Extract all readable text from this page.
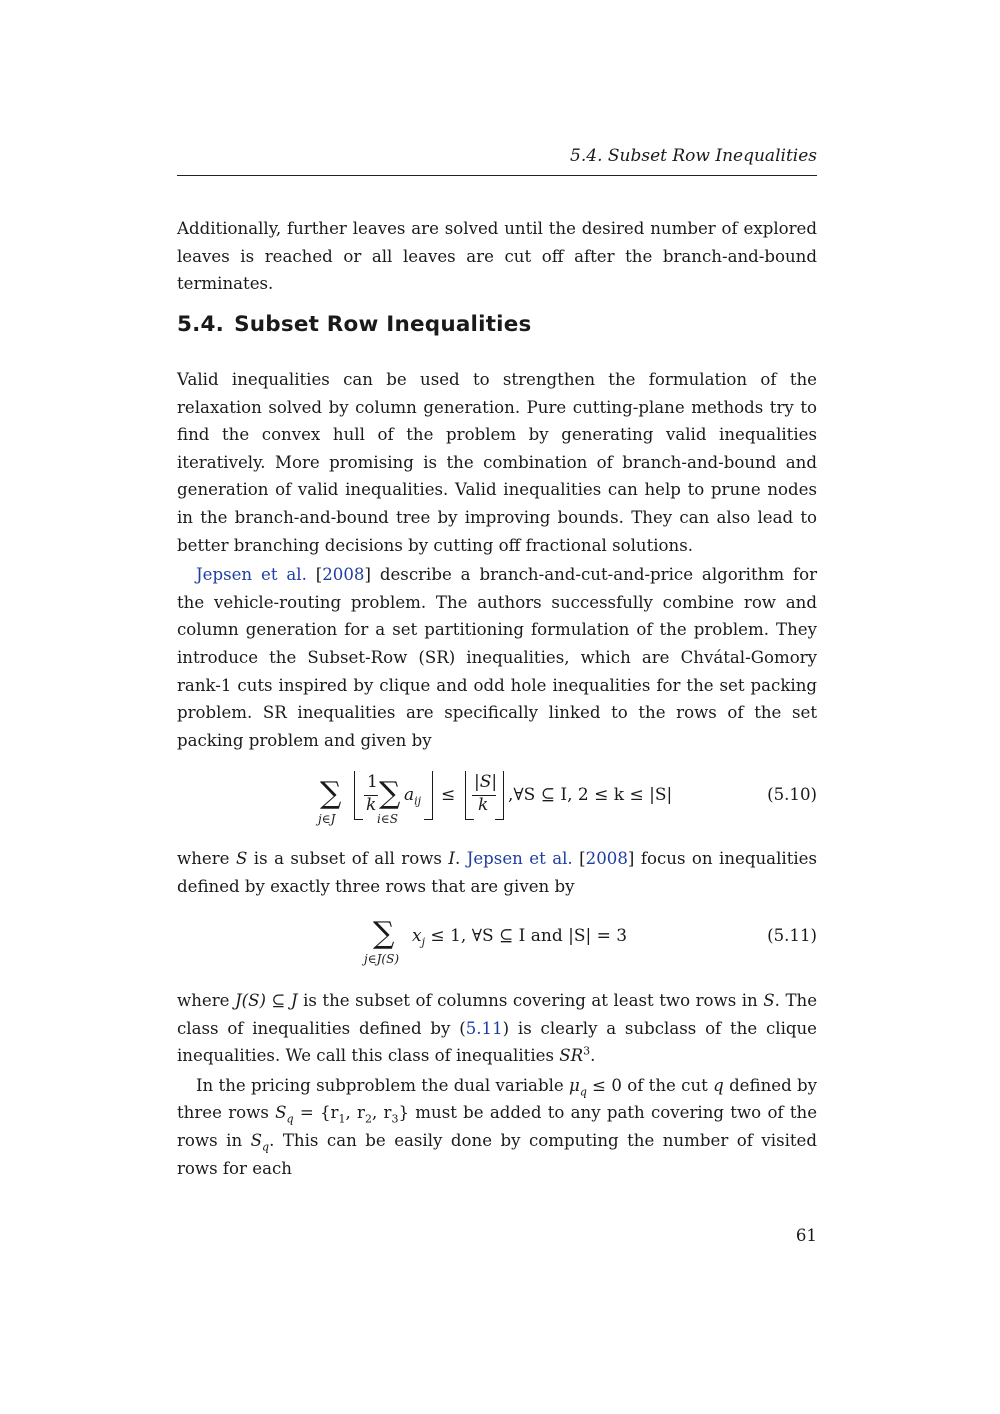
5.4. Subset Row Inequalities

Additionally, further leaves are solved until the desired number of explored leaves is reached or all leaves are cut off after the branch-and-bound terminates.

5.4. Subset Row Inequalities

Valid inequalities can be used to strengthen the formulation of the relaxation solved by column generation. Pure cutting-plane methods try to find the convex hull of the problem by generating valid inequalities iteratively. More promising is the combination of branch-and-bound and generation of valid inequalities. Valid inequalities can help to prune nodes in the branch-and-bound tree by improving bounds. They can also lead to better branching decisions by cutting off fractional solutions.

Jepsen et al. [2008] describe a branch-and-cut-and-price algorithm for the vehicle-routing problem. The authors successfully combine row and column generation for a set partitioning formulation of the problem. They introduce the Subset-Row (SR) inequalities, which are Chvátal-Gomory rank-1 cuts inspired by clique and odd hole inequalities for the set packing problem. SR inequalities are specifically linked to the rows of the set packing problem and given by

∑
j∈J
1
k ∑
i∈S
$a_{ij}$ ≤
|S|
k ,∀S ⊆ I, 2 ≤ k ≤ |S|	(5.10)

where S is a subset of all rows I. Jepsen et al. [2008] focus on inequalities defined by exactly three rows that are given by

∑
j∈J(S)
$x_j \le 1$, ∀S ⊆ I and |S| = 3	(5.11)

where J(S) ⊆ J is the subset of columns covering at least two rows in S. The class of inequalities defined by (5.11) is clearly a subclass of the clique inequalities. We call this class of inequalities $SR^3$.

In the pricing subproblem the dual variable $\mu_q \le 0$ of the cut q defined by three rows $S_q = \{r_1$, $r_2$, $r_3$} must be added to any path covering two of the rows in $S_q$. This can be easily done by computing the number of visited rows for each

61
